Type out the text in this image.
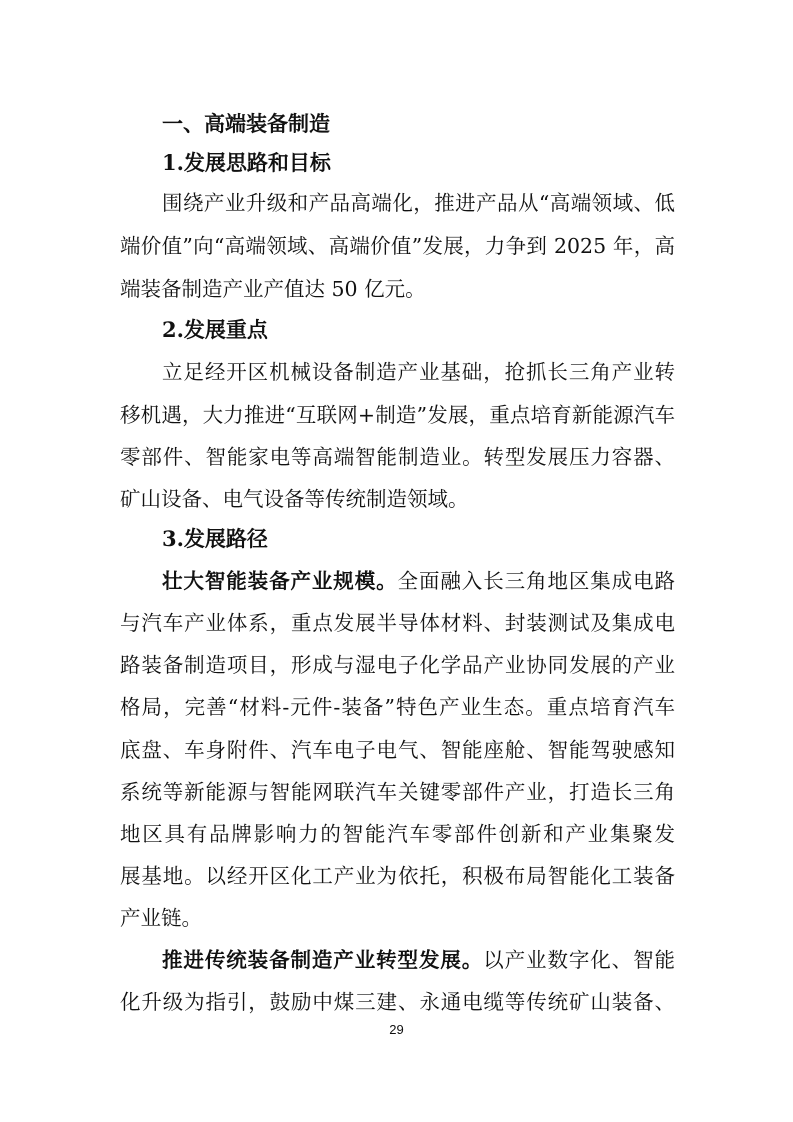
一、高端装备制造
1.发展思路和目标
围绕产业升级和产品高端化，推进产品从“高端领域、低
端价值”向“高端领域、高端价值”发展，力争到 2025 年，高
端装备制造产业产值达 50 亿元。
2.发展重点
立足经开区机械设备制造产业基础，抢抓长三角产业转
移机遇，大力推进“互联网+制造”发展，重点培育新能源汽车
零部件、智能家电等高端智能制造业。转型发展压力容器、
矿山设备、电气设备等传统制造领域。
3.发展路径
壮大智能装备产业规模。全面融入长三角地区集成电路
与汽车产业体系，重点发展半导体材料、封装测试及集成电
路装备制造项目，形成与湿电子化学品产业协同发展的产业
格局，完善“材料-元件-装备”特色产业生态。重点培育汽车
底盘、车身附件、汽车电子电气、智能座舱、智能驾驶感知
系统等新能源与智能网联汽车关键零部件产业，打造长三角
地区具有品牌影响力的智能汽车零部件创新和产业集聚发
展基地。以经开区化工产业为依托，积极布局智能化工装备
产业链。
推进传统装备制造产业转型发展。以产业数字化、智能
化升级为指引，鼓励中煤三建、永通电缆等传统矿山装备、
29
